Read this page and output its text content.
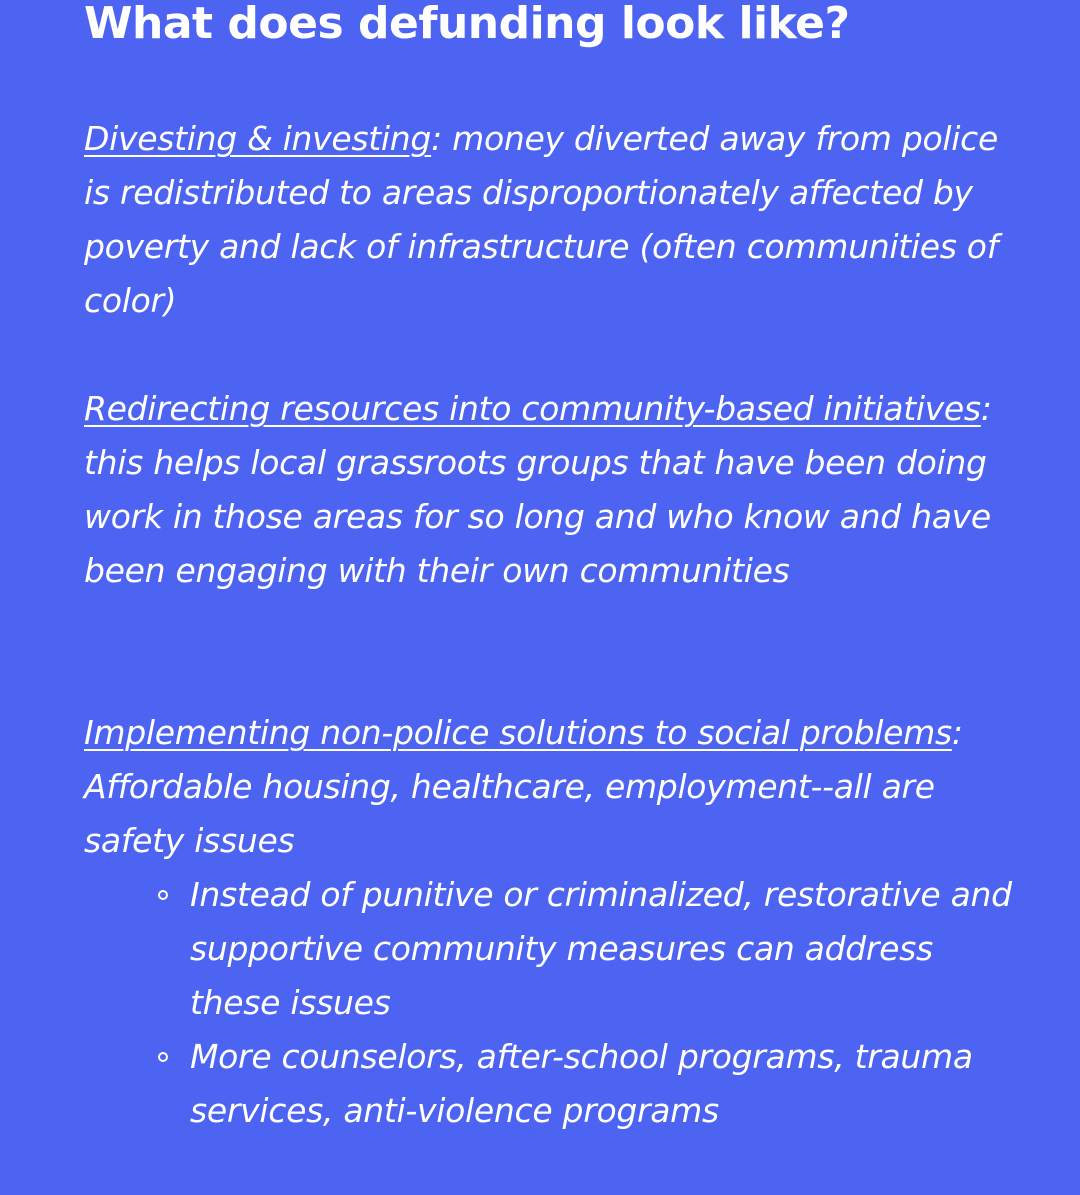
What does defunding look like?

Divesting & investing: money diverted away from police is redistributed to areas disproportionately affected by poverty and lack of infrastructure (often communities of color)

Redirecting resources into community-based initiatives: this helps local grassroots groups that have been doing work in those areas for so long and who know and have been engaging with their own communities

Implementing non-police solutions to social problems: Affordable housing, healthcare, employment--all are safety issues

Instead of punitive or criminalized, restorative and supportive community measures can address these issues
More counselors, after-school programs, trauma services, anti-violence programs
